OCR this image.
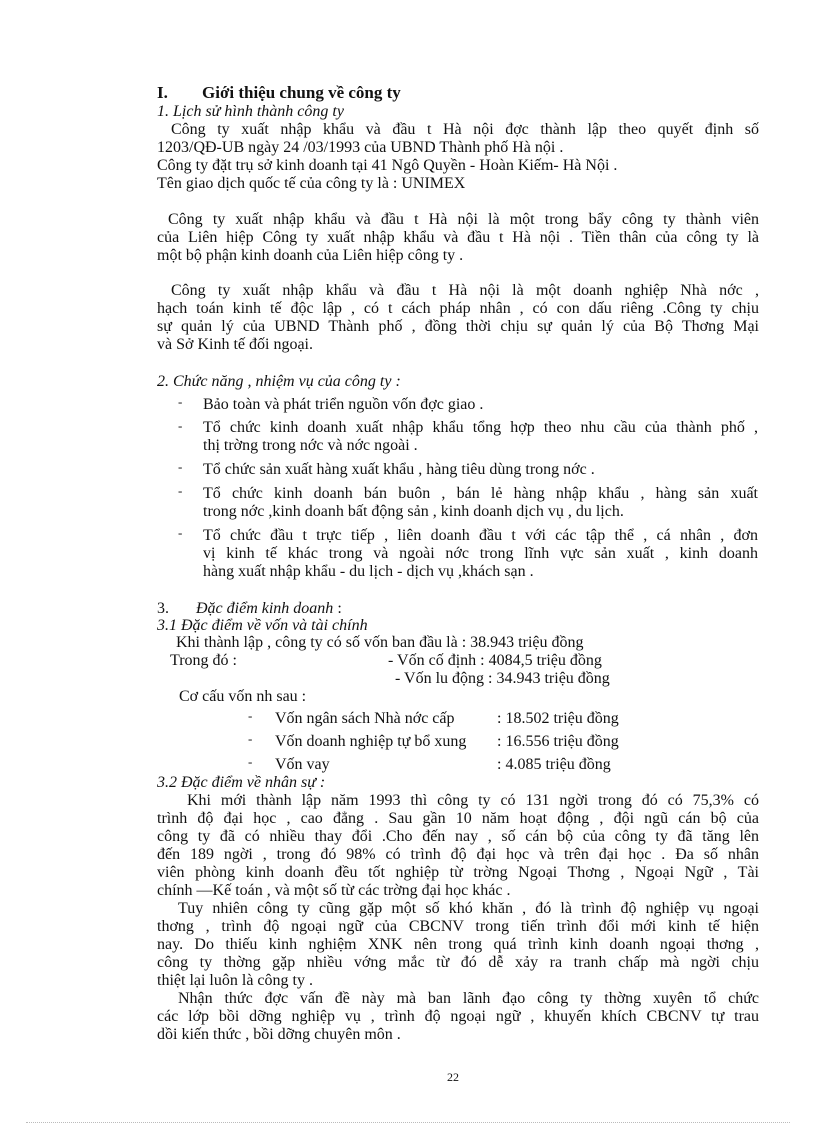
I. Giới thiệu chung về công ty
1. Lịch sử hình thành công ty
Công ty xuất nhập khẩu và đầu t Hà nội đợc thành lập theo quyết định số
1203/QĐ-UB ngày 24 /03/1993 của UBND Thành phố Hà nội .
Công ty đặt trụ sở kinh doanh tại 41 Ngô Quyền - Hoàn Kiếm- Hà Nội .
Tên giao dịch quốc tế của công ty là : UNIMEX
Công ty xuất nhập khẩu và đầu t Hà nội là một trong bẩy công ty thành viên
của Liên hiệp Công ty xuất nhập khẩu và đầu t Hà nội . Tiền thân của công ty là
một bộ phận kinh doanh của Liên hiệp công ty .
Công ty xuất nhập khẩu và đầu t Hà nội là một doanh nghiệp Nhà nớc ,
hạch toán kinh tế độc lập , có t cách pháp nhân , có con dấu riêng .Công ty chịu
sự quản lý của UBND Thành phố , đồng thời chịu sự quản lý của Bộ Thơng Mại
và Sở Kinh tế đối ngoại.
2. Chức năng , nhiệm vụ của công ty :
- Bảo toàn và phát triển nguồn vốn đợc giao .
- Tổ chức kinh doanh xuất nhập khẩu tổng hợp theo nhu cầu của thành phố ,
thị trờng trong nớc và nớc ngoài .
- Tổ chức sản xuất hàng xuất khẩu , hàng tiêu dùng trong nớc .
- Tổ chức kinh doanh bán buôn , bán lẻ hàng nhập khẩu , hàng sản xuất
trong nớc ,kinh doanh bất động sản , kinh doanh dịch vụ , du lịch.
- Tổ chức đầu t trực tiếp , liên doanh đầu t với các tập thể , cá nhân , đơn
vị kinh tế khác trong và ngoài nớc trong lĩnh vực sản xuất , kinh doanh
hàng xuất nhập khẩu - du lịch - dịch vụ ,khách sạn .
3. Đặc điểm kinh doanh :
3.1 Đặc điểm về vốn và tài chính
Khi thành lập , công ty có số vốn ban đầu là : 38.943 triệu đồng
Trong đó :	- Vốn cố định : 4084,5 triệu đồng
- Vốn lu động : 34.943 triệu đồng
Cơ cấu vốn nh sau :
- Vốn ngân sách Nhà nớc cấp	: 18.502 triệu đồng
- Vốn doanh nghiệp tự bổ xung : 16.556 triệu đồng
- Vốn vay	: 4.085 triệu đồng
3.2 Đặc điểm về nhân sự :
Khi mới thành lập năm 1993 thì công ty có 131 ngời trong đó có 75,3% có
trình độ đại học , cao đẳng . Sau gần 10 năm hoạt động , đội ngũ cán bộ của
công ty đã có nhiều thay đổi .Cho đến nay , số cán bộ của công ty đã tăng lên
đến 189 ngời , trong đó 98% có trình độ đại học và trên đại học . Đa số nhân
viên phòng kinh doanh đều tốt nghiệp từ trờng Ngoại Thơng , Ngoại Ngữ , Tài
chính —Kế toán , và một số từ các trờng đại học khác .
Tuy nhiên công ty cũng gặp một số khó khăn , đó là trình độ nghiệp vụ ngoại
thơng , trình độ ngoại ngữ của CBCNV trong tiến trình đổi mới kinh tế hiện
nay. Do thiếu kinh nghiệm XNK nên trong quá trình kinh doanh ngoại thơng ,
công ty thờng gặp nhiều vớng mắc từ đó dễ xảy ra tranh chấp mà ngời chịu
thiệt lại luôn là công ty .
Nhận thức đợc vấn đề này mà ban lãnh đạo công ty thờng xuyên tổ chức
các lớp bồi dỡng nghiệp vụ , trình độ ngoại ngữ , khuyến khích CBCNV tự trau
dồi kiến thức , bồi dỡng chuyên môn .
22
